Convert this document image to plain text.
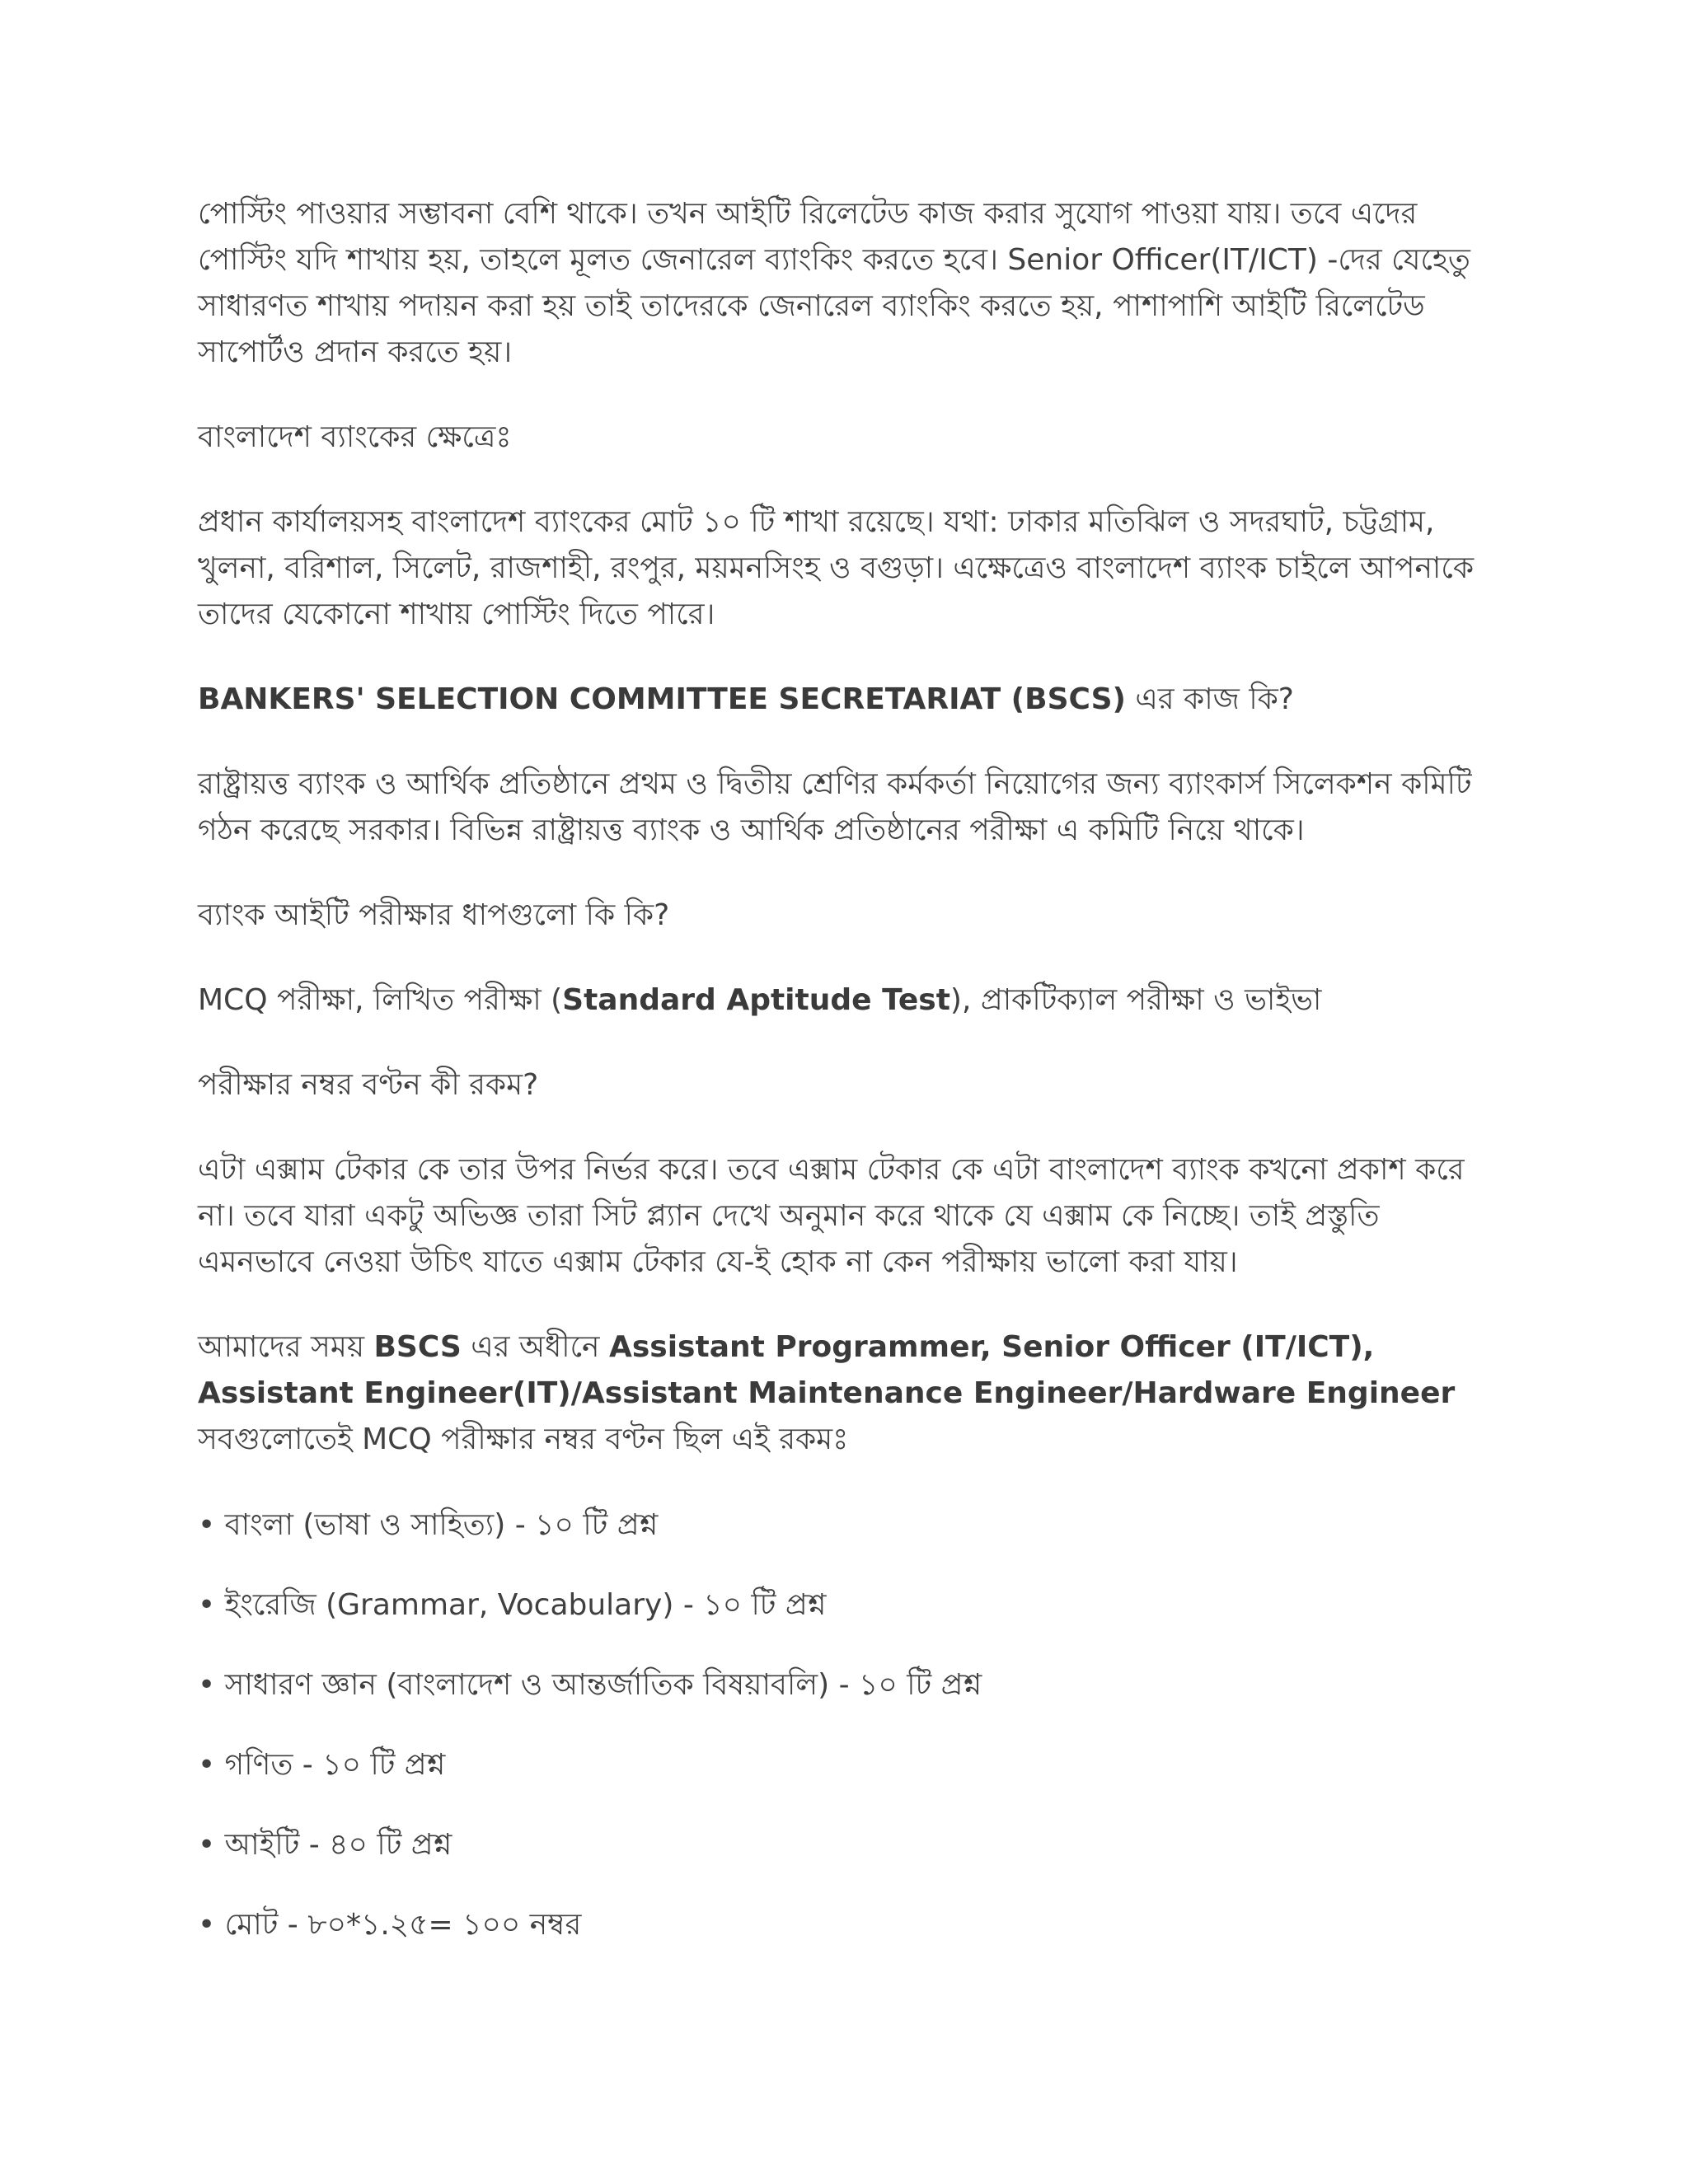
পোস্টিং পাওয়ার সম্ভাবনা বেশি থাকে। তখন আইটি রিলেটেড কাজ করার সুযোগ পাওয়া যায়। তবে এদের পোস্টিং যদি শাখায় হয়, তাহলে মূলত জেনারেল ব্যাংকিং করতে হবে। Senior Officer(IT/ICT) -দের যেহেতু সাধারণত শাখায় পদায়ন করা হয় তাই তাদেরকে জেনারেল ব্যাংকিং করতে হয়, পাশাপাশি আইটি রিলেটেড সাপোর্টও প্রদান করতে হয়।

বাংলাদেশ ব্যাংকের ক্ষেত্রেঃ

প্রধান কার্যালয়সহ বাংলাদেশ ব্যাংকের মোট ১০ টি শাখা রয়েছে। যথা: ঢাকার মতিঝিল ও সদরঘাট, চট্টগ্রাম, খুলনা, বরিশাল, সিলেট, রাজশাহী, রংপুর, ময়মনসিংহ ও বগুড়া। এক্ষেত্রেও বাংলাদেশ ব্যাংক চাইলে আপনাকে তাদের যেকোনো শাখায় পোস্টিং দিতে পারে।

BANKERS' SELECTION COMMITTEE SECRETARIAT (BSCS) এর কাজ কি?

রাষ্ট্রায়ত্ত ব্যাংক ও আর্থিক প্রতিষ্ঠানে প্রথম ও দ্বিতীয় শ্রেণির কর্মকর্তা নিয়োগের জন্য ব্যাংকার্স সিলেকশন কমিটি গঠন করেছে সরকার। বিভিন্ন রাষ্ট্রায়ত্ত ব্যাংক ও আর্থিক প্রতিষ্ঠানের পরীক্ষা এ কমিটি নিয়ে থাকে।

ব্যাংক আইটি পরীক্ষার ধাপগুলো কি কি?

MCQ পরীক্ষা, লিখিত পরীক্ষা (Standard Aptitude Test), প্রাকটিক্যাল পরীক্ষা ও ভাইভা

পরীক্ষার নম্বর বণ্টন কী রকম?

এটা এক্সাম টেকার কে তার উপর নির্ভর করে। তবে এক্সাম টেকার কে এটা বাংলাদেশ ব্যাংক কখনো প্রকাশ করে না। তবে যারা একটু অভিজ্ঞ তারা সিট প্ল্যান দেখে অনুমান করে থাকে যে এক্সাম কে নিচ্ছে। তাই প্রস্তুতি এমনভাবে নেওয়া উচিৎ যাতে এক্সাম টেকার যে-ই হোক না কেন পরীক্ষায় ভালো করা যায়।

আমাদের সময় BSCS এর অধীনে Assistant Programmer, Senior Officer (IT/ICT), Assistant Engineer(IT)/Assistant Maintenance Engineer/Hardware Engineer সবগুলোতেই MCQ পরীক্ষার নম্বর বণ্টন ছিল এই রকমঃ

• বাংলা (ভাষা ও সাহিত্য) - ১০ টি প্রশ্ন

• ইংরেজি (Grammar, Vocabulary) - ১০ টি প্রশ্ন

• সাধারণ জ্ঞান (বাংলাদেশ ও আন্তর্জাতিক বিষয়াবলি) - ১০ টি প্রশ্ন

• গণিত - ১০ টি প্রশ্ন

• আইটি - ৪০ টি প্রশ্ন

• মোট - ৮০*১.২৫= ১০০ নম্বর
